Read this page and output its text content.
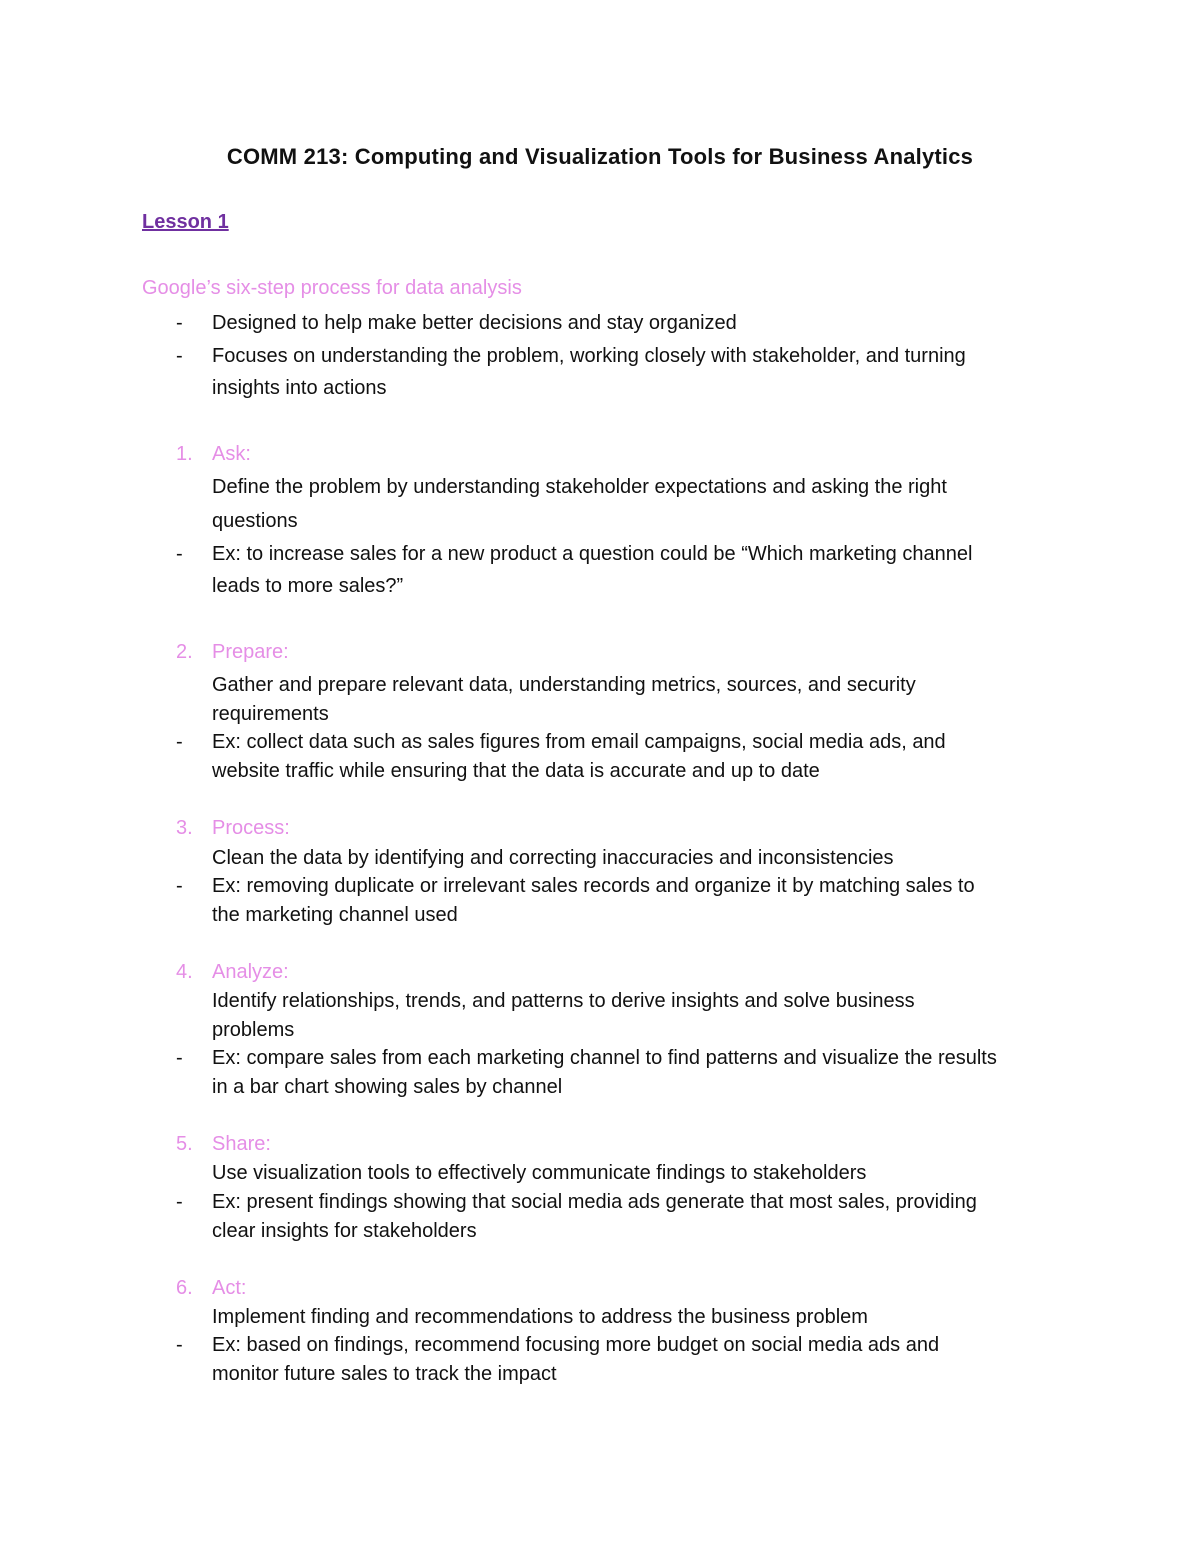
COMM 213: Computing and Visualization Tools for Business Analytics
Lesson 1
Google’s six-step process for data analysis
- Designed to help make better decisions and stay organized
- Focuses on understanding the problem, working closely with stakeholder, and turning
insights into actions
1. Ask:
Define the problem by understanding stakeholder expectations and asking the right
questions
- Ex: to increase sales for a new product a question could be “Which marketing channel
leads to more sales?”
2. Prepare:
Gather and prepare relevant data, understanding metrics, sources, and security
requirements
- Ex: collect data such as sales figures from email campaigns, social media ads, and
website traffic while ensuring that the data is accurate and up to date
3. Process:
Clean the data by identifying and correcting inaccuracies and inconsistencies
- Ex: removing duplicate or irrelevant sales records and organize it by matching sales to
the marketing channel used
4. Analyze:
Identify relationships, trends, and patterns to derive insights and solve business
problems
- Ex: compare sales from each marketing channel to find patterns and visualize the results
in a bar chart showing sales by channel
5. Share:
Use visualization tools to effectively communicate findings to stakeholders
- Ex: present findings showing that social media ads generate that most sales, providing
clear insights for stakeholders
6. Act:
Implement finding and recommendations to address the business problem
- Ex: based on findings, recommend focusing more budget on social media ads and
monitor future sales to track the impact
